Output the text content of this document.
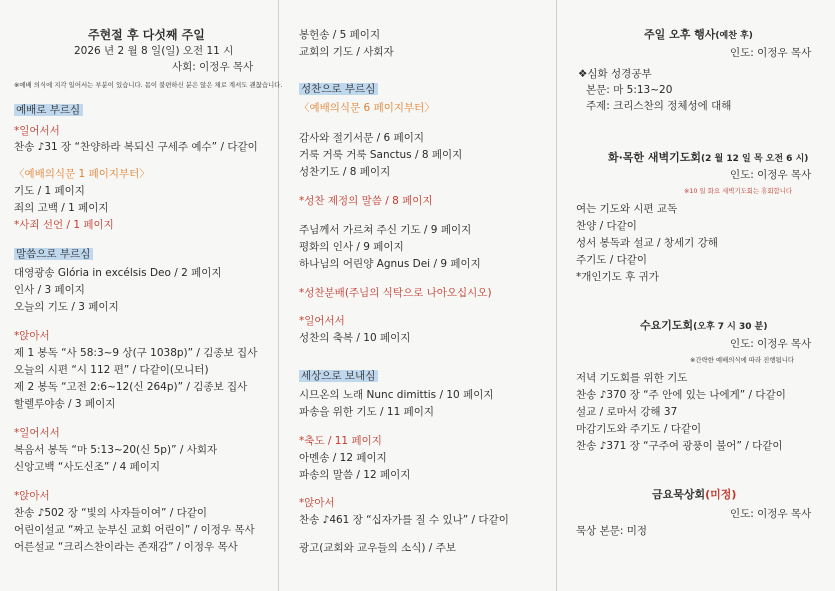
주현절 후 다섯째 주일
2026 년 2 월 8 일(일) 오전 11 시
사회: 이정우 목사
※예배 의식에 지각 일어서는 부분이 있습니다. 몸이 불편하신 분은 앉은 채로 계셔도 괜찮습니다.
예배로 부르심
*일어서서
찬송 ♪31 장 “찬양하라 복되신 구세주 예수” / 다같이
〈예배의식문 1 페이지부터〉
기도 / 1 페이지
죄의 고백 / 1 페이지
*사죄 선언 / 1 페이지
말씀으로 부르심
대영광송 Glória in excélsis Deo / 2 페이지
인사 / 3 페이지
오늘의 기도 / 3 페이지
*앉아서
제 1 봉독 “사 58:3~9 상(구 1038p)” / 김종보 집사
오늘의 시편 “시 112 편” / 다같이(모니터)
제 2 봉독 “고전 2:6~12(신 264p)” / 김종보 집사
할렐루야송 / 3 페이지
*일어서서
복음서 봉독 “마 5:13~20(신 5p)” / 사회자
신앙고백 “사도신조” / 4 페이지
*앉아서
찬송 ♪502 장 “빛의 사자들이여” / 다같이
어린이설교 “짜고 눈부신 교회 어린이” / 이정우 목사
어른설교 “크리스찬이라는 존재감” / 이정우 목사
봉헌송 / 5 페이지
교회의 기도 / 사회자
성찬으로 부르심
〈예배의식문 6 페이지부터〉
감사와 절기서문 / 6 페이지
거룩 거룩 거룩 Sanctus / 8 페이지
성찬기도 / 8 페이지
*성찬 제정의 말씀 / 8 페이지
주님께서 가르쳐 주신 기도 / 9 페이지
평화의 인사 / 9 페이지
하나님의 어린양 Agnus Dei / 9 페이지
*성찬분배(주님의 식탁으로 나아오십시오)
*일어서서
성찬의 축복 / 10 페이지
세상으로 보내심
시므온의 노래 Nunc dimittis / 10 페이지
파송을 위한 기도 / 11 페이지
*축도 / 11 페이지
아멘송 / 12 페이지
파송의 말씀 / 12 페이지
*앉아서
찬송 ♪461 장 “십자가를 질 수 있나” / 다같이
광고(교회와 교우들의 소식) / 주보
주일 오후 행사(예찬 후)
인도: 이정우 목사
❖심화 성경공부
본문: 마 5:13~20
주제: 크리스찬의 정체성에 대해
화·목한 새벽기도회(2 월 12 일 목 오전 6 시)
인도: 이정우 목사
※10 일 화요 새벽기도회는 휴회합니다
여는 기도와 시편 교독
찬양 / 다같이
성서 봉독과 설교 / 창세기 강해
주기도 / 다같이
*개인기도 후 귀가
수요기도회(오후 7 시 30 분)
인도: 이정우 목사
※간략한 예배의식에 따라 진행됩니다
저녁 기도회를 위한 기도
찬송 ♪370 장 “주 안에 있는 나에게” / 다같이
설교 / 로마서 강해 37
마감기도와 주기도 / 다같이
찬송 ♪371 장 “구주여 광풍이 불어” / 다같이
금요묵상회(미정)
인도: 이정우 목사
묵상 본문: 미정
